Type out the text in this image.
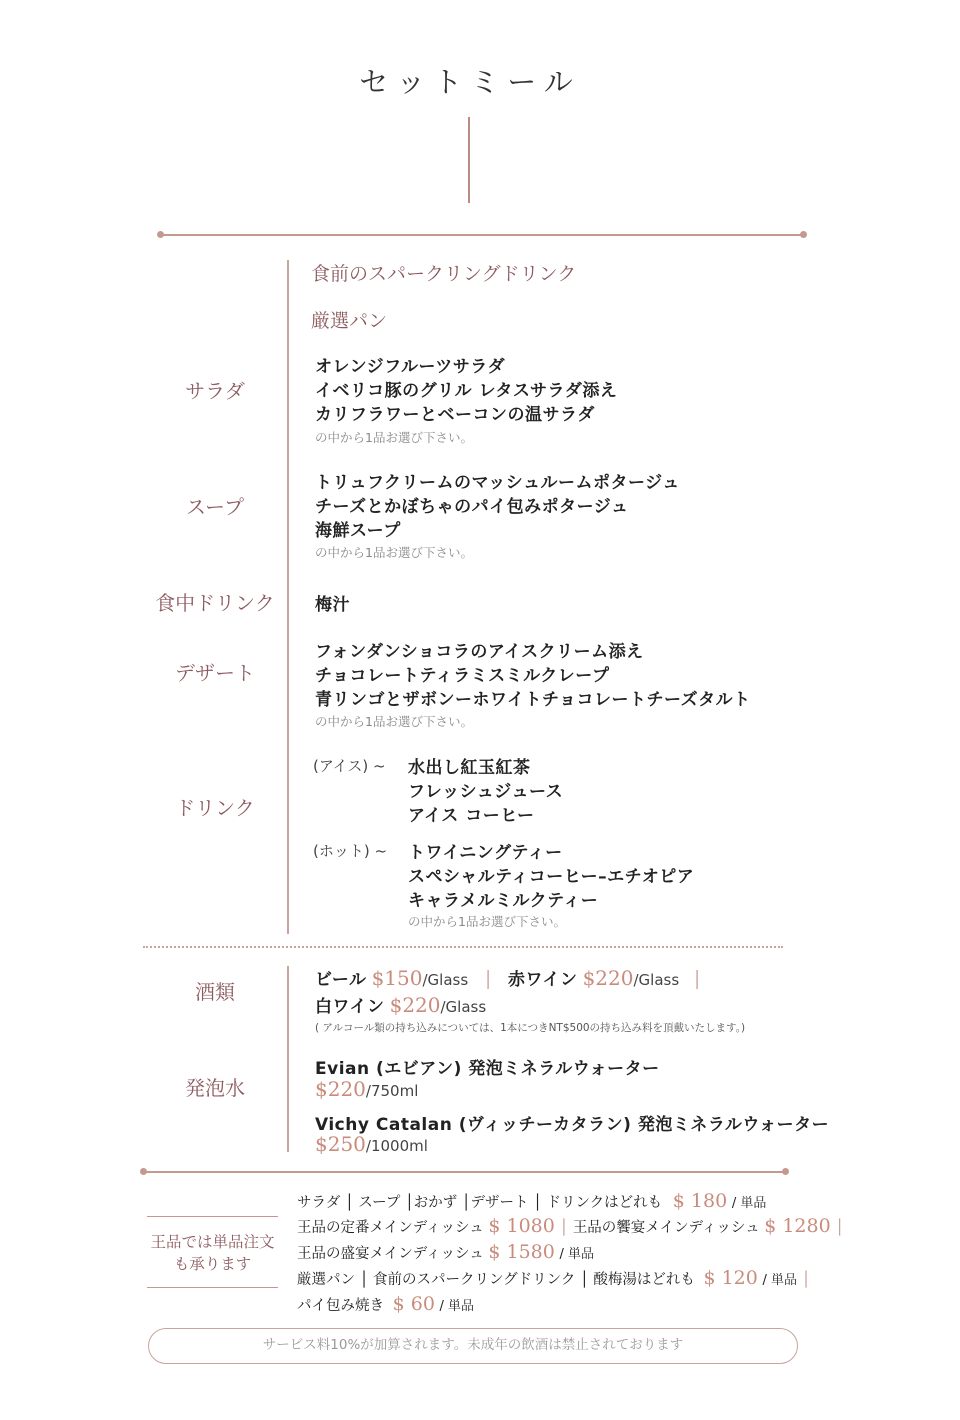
セットミール
食前のスパークリングドリンク
厳選パン
サラダ
オレンジフルーツサラダ
イベリコ豚のグリル レタスサラダ添え
カリフラワーとベーコンの温サラダ
の中から1品お選び下さい。
スープ
トリュフクリームのマッシュルームポタージュ
チーズとかぼちゃのパイ包みポタージュ
海鮮スープ
の中から1品お選び下さい。
食中ドリンク	梅汁
デザート
フォンダンショコラのアイスクリーム添え
チョコレートティラミスミルクレープ
青リンゴとザボンーホワイトチョコレートチーズタルト
の中から1品お選び下さい。
ドリンク
(アイス) ~ 水出し紅玉紅茶
フレッシュジュース
アイス コーヒー
(ホット) ~ トワイニングティー
スペシャルティコーヒー–エチオピア
キャラメルミルクティー
の中から1品お選び下さい。
酒類	ビール $150/Glass │ 赤ワイン $220/Glass │
白ワイン $220/Glass
( アルコール類の持ち込みについては、1本につきNT$500の持ち込み料を頂戴いたします。)
発泡水
Evian (エビアン) 発泡ミネラルウォーター
$220/750ml
Vichy Catalan (ヴィッチーカタラン) 発泡ミネラルウォーター
$250/1000ml
王品では単品注文も承ります
サラダ │ スープ │おかず │デザート │ ドリンクはどれも $ 180 / 単品
王品の定番メインディッシュ $ 1080 │ 王品の饗宴メインディッシュ $ 1280 │
王品の盛宴メインディッシュ $ 1580 / 単品
厳選パン │ 食前のスパークリングドリンク │ 酸梅湯はどれも $ 120 / 単品 │
パイ包み焼き $ 60 / 単品
サービス料10%が加算されます。未成年の飲酒は禁止されております
